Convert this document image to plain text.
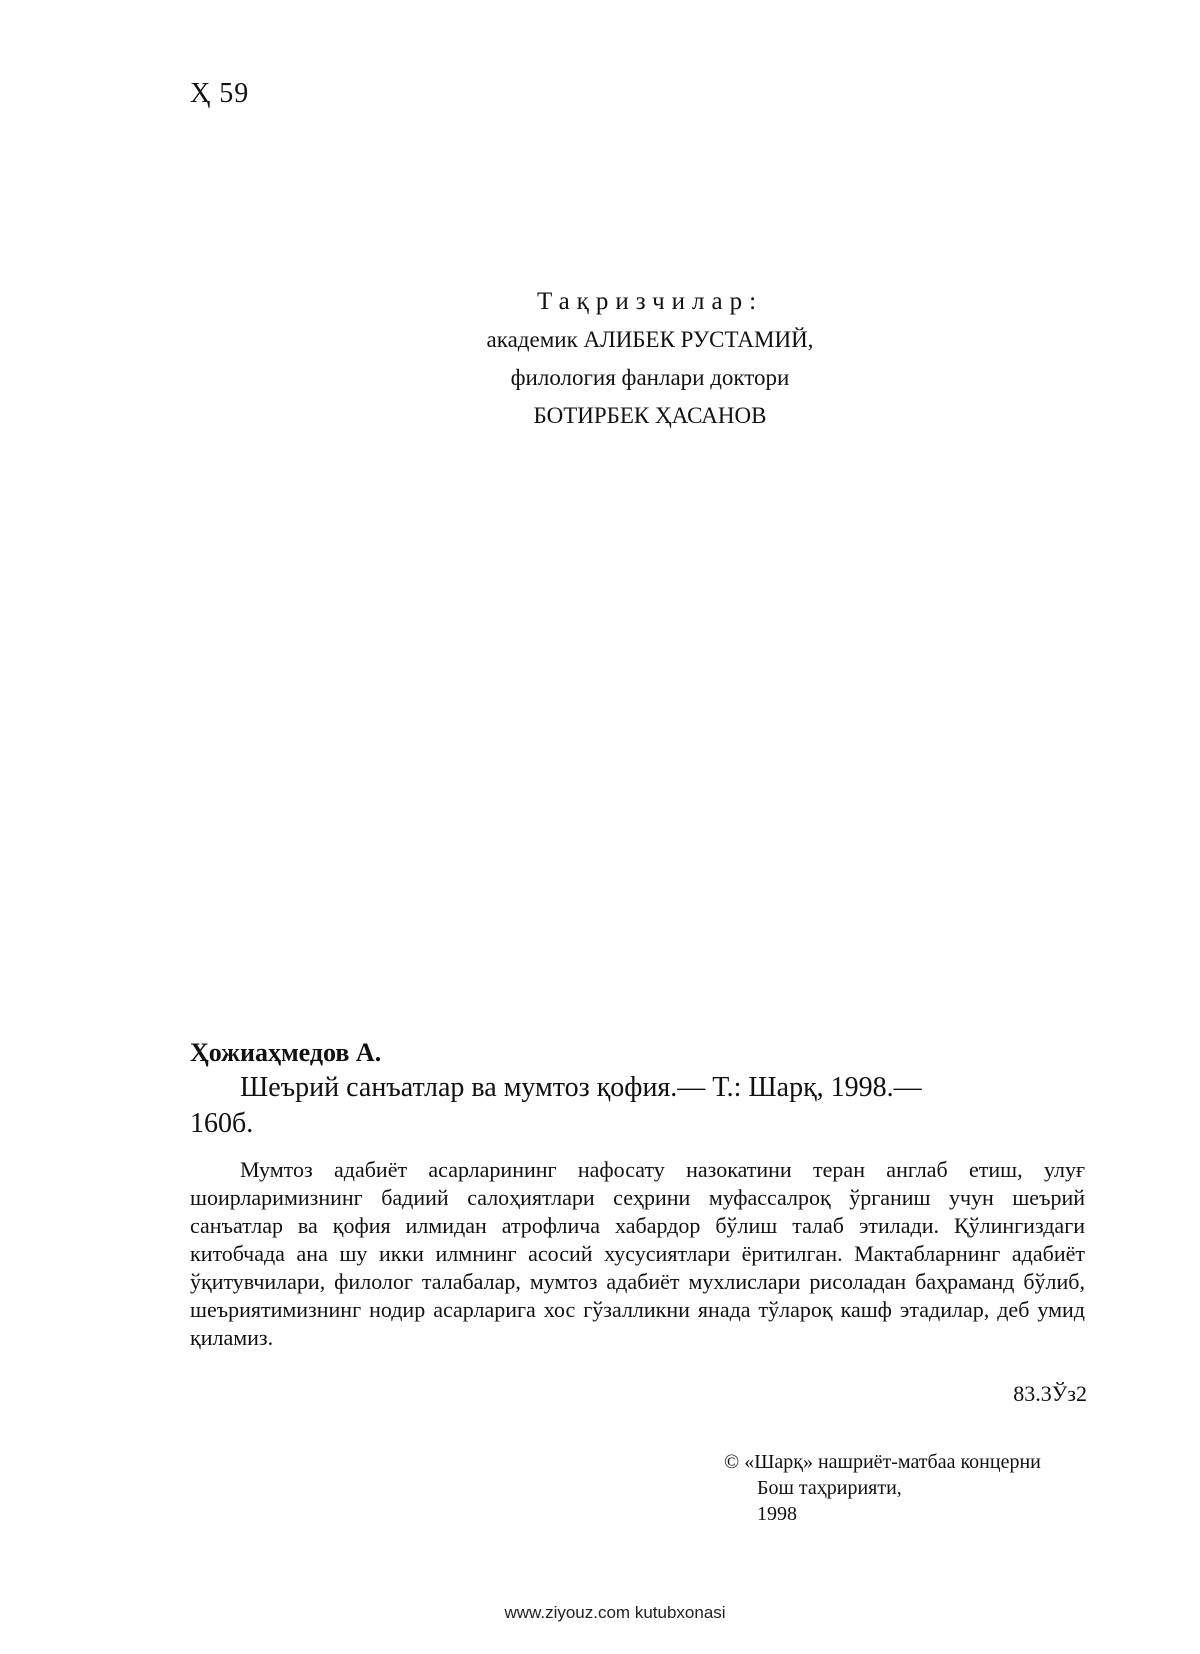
Ҳ 59
Тақризчилар:
академик АЛИБЕК РУСТАМИЙ,
филология фанлари доктори
БОТИРБЕК ҲАСАНОВ
Ҳожиаҳмедов А.
Шеърий санъатлар ва мумтоз қофия.— Т.: Шарқ, 1998.—
160б.
Мумтоз адабиёт асарларининг нафосату назокатини теран англаб етиш, улуғ шоирларимизнинг бадиий салоҳиятлари сеҳрини муфассалроқ ўрганиш учун шеърий санъатлар ва қофия илмидан атрофлича хабардор бўлиш талаб этилади. Қўлингиздаги китобчада ана шу икки илмнинг асосий хусусиятлари ёритилган. Мактабларнинг адабиёт ўқитувчилари, филолог талабалар, мумтоз адабиёт мухлислари рисоладан баҳраманд бўлиб, шеъриятимизнинг нодир асарларига хос гўзалликни янада тўлароқ кашф этадилар, деб умид қиламиз.
83.3Ўз2
© «Шарқ» нашриёт-матбаа концерни
Бош таҳририяти,
1998
www.ziyouz.com kutubxonasi
